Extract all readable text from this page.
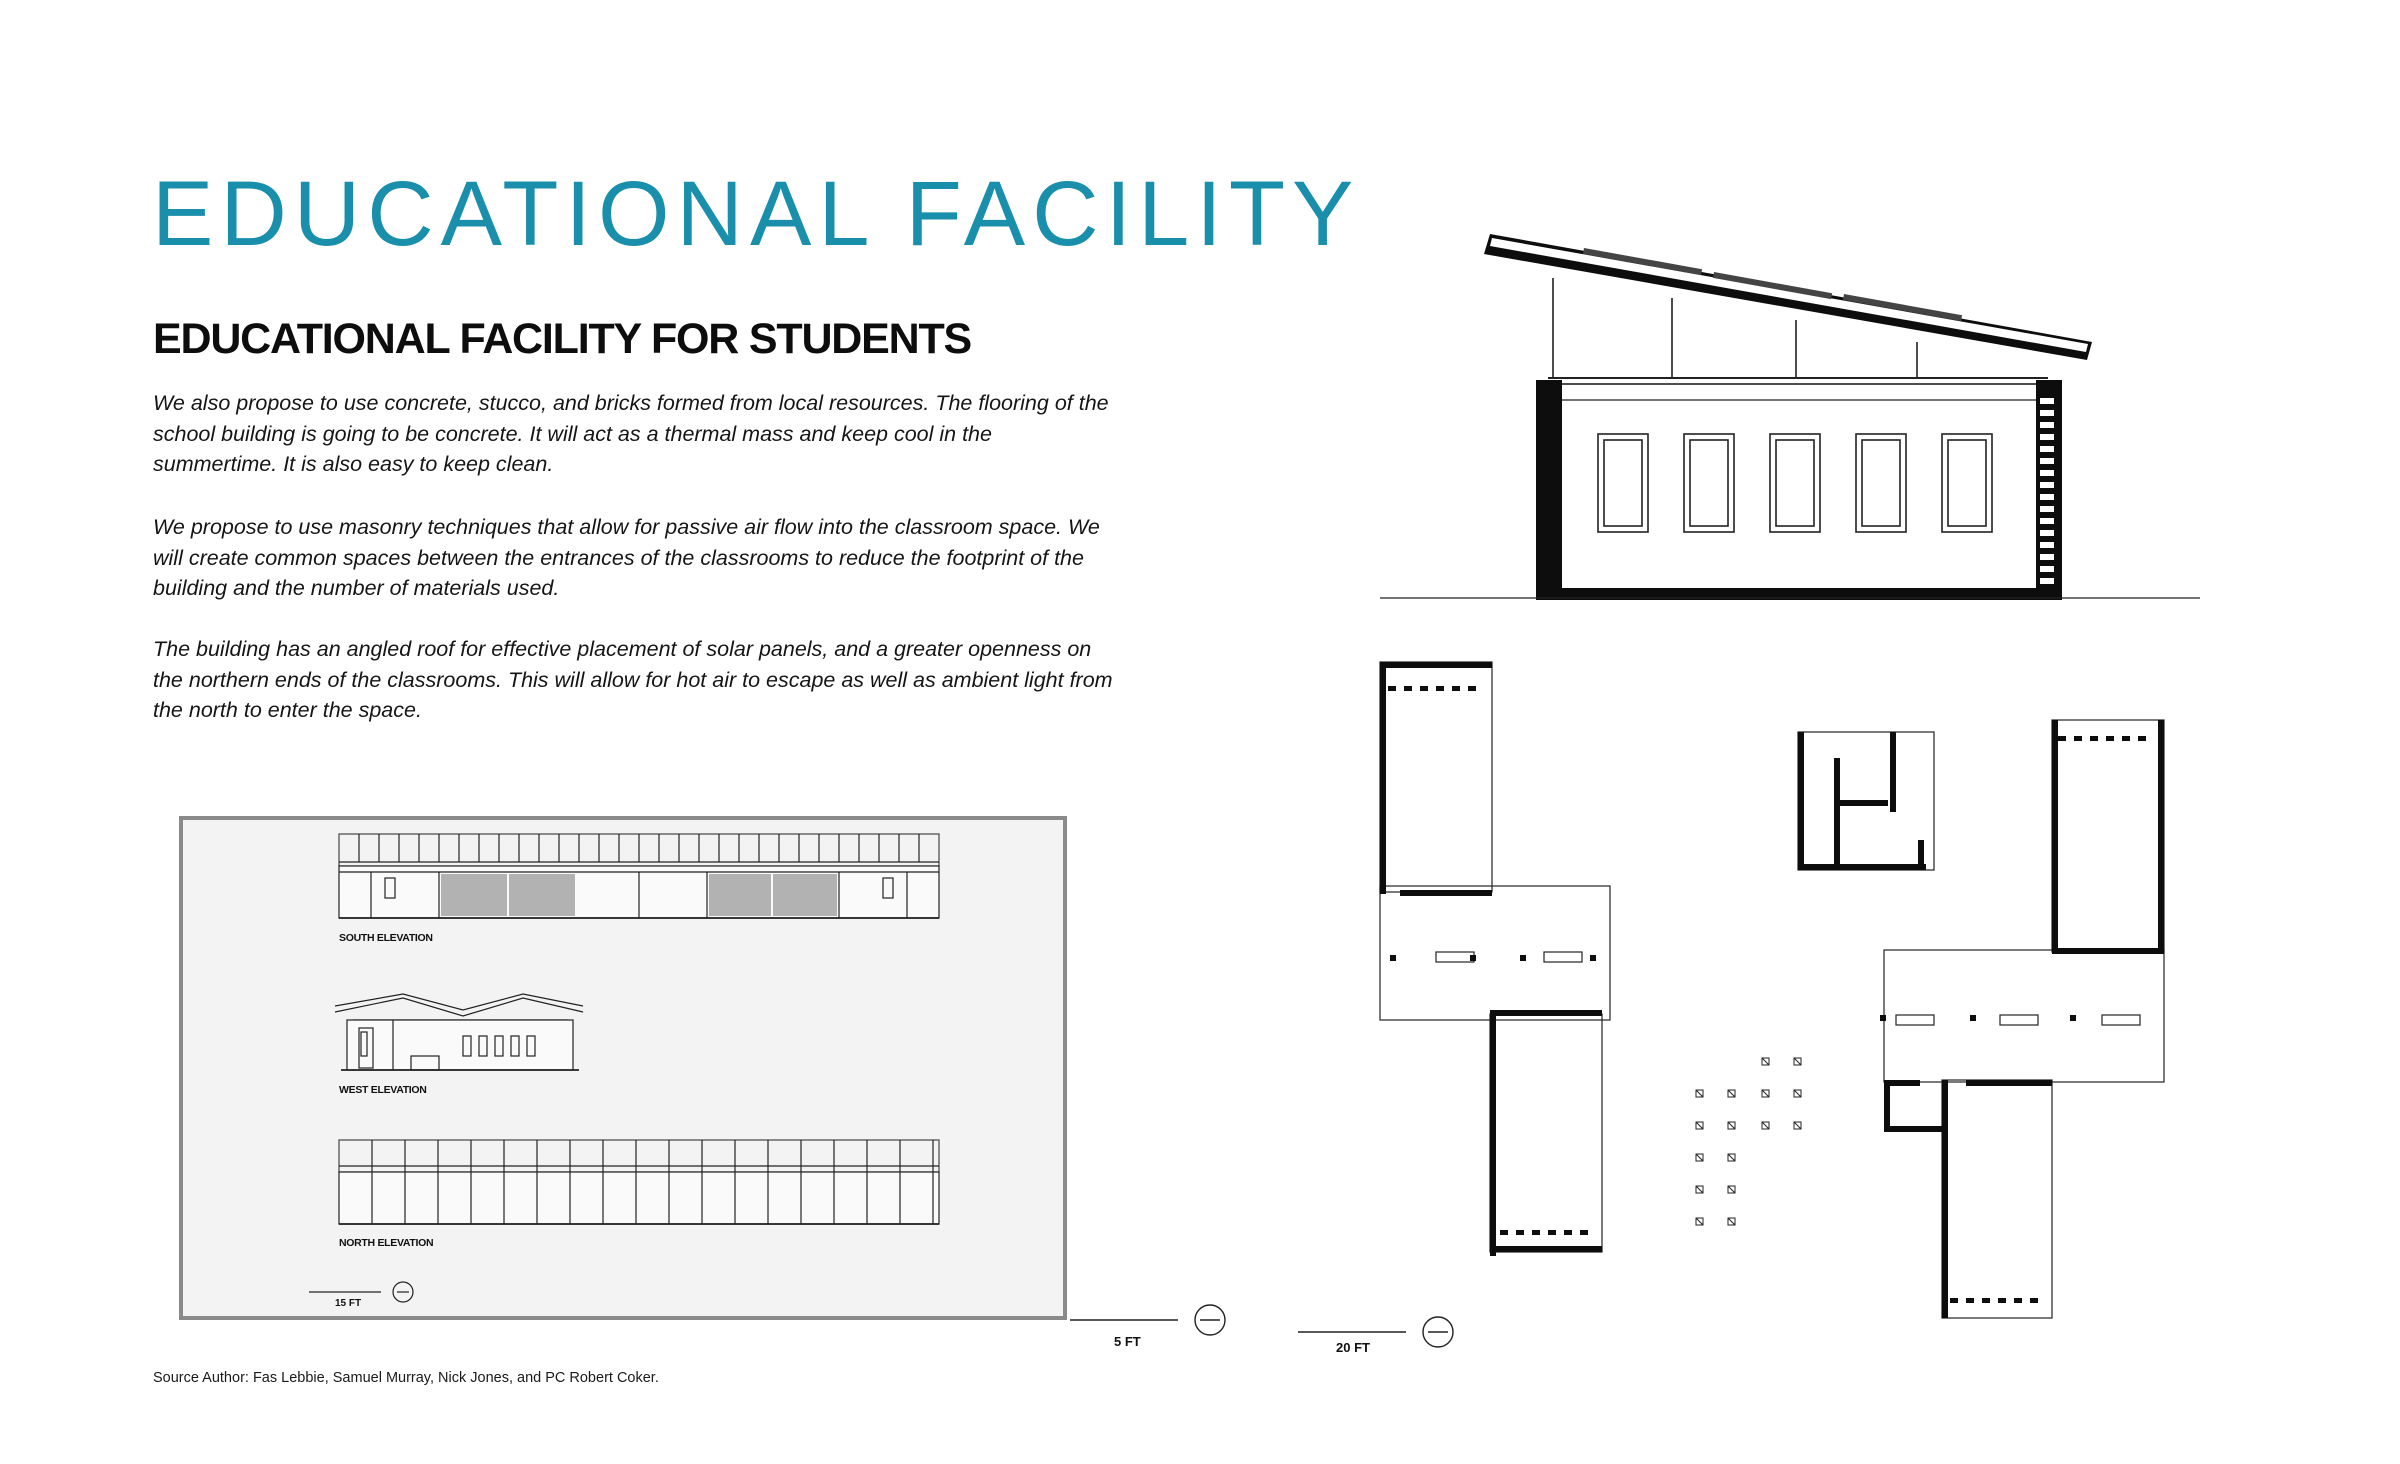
EDUCATIONAL FACILITY
EDUCATIONAL FACILITY FOR STUDENTS

We also propose to use concrete, stucco, and bricks formed from local resources. The flooring of the school building is going to be concrete. It will act as a thermal mass and keep cool in the summertime. It is also easy to keep clean.

We propose to use masonry techniques that allow for passive air flow into the classroom space. We will create common spaces between the entrances of the classrooms to reduce the footprint of the building and the number of materials used.

The building has an angled roof for effective placement of solar panels, and a greater openness on the northern ends of the classrooms. This will allow for hot air to escape as well as ambient light from the north to enter the space.

SOUTH ELEVATION
WEST ELEVATION
NORTH ELEVATION
15 FT
5 FT	20 FT

Source Author: Fas Lebbie, Samuel Murray, Nick Jones, and PC Robert Coker.
